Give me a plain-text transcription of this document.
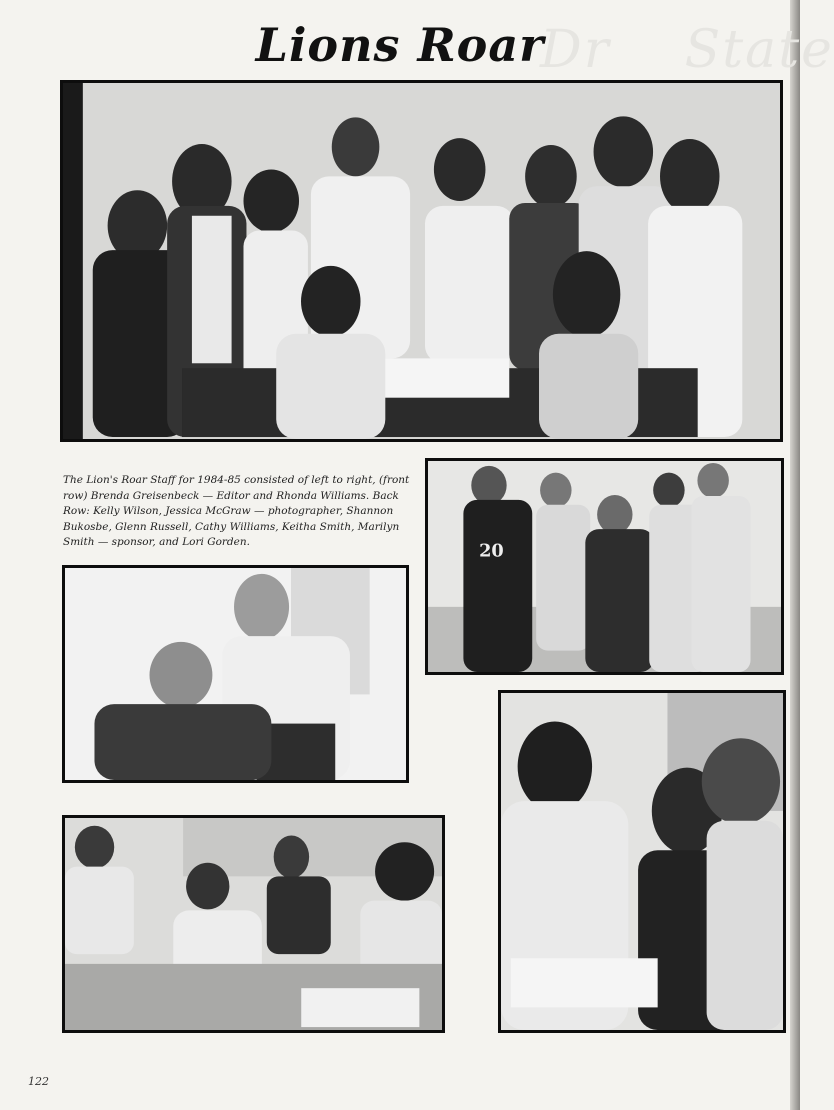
Dr    State
Lions Roar
The Lion's Roar Staff for 1984-85 consisted of left to right, (front row) Brenda Greisenbeck — Editor and Rhonda Williams. Back Row: Kelly Wilson, Jessica McGraw — photographer, Shannon Bukosbe, Glenn Russell, Cathy Williams, Keitha Smith, Marilyn Smith — sponsor, and Lori Gorden.	20
122
